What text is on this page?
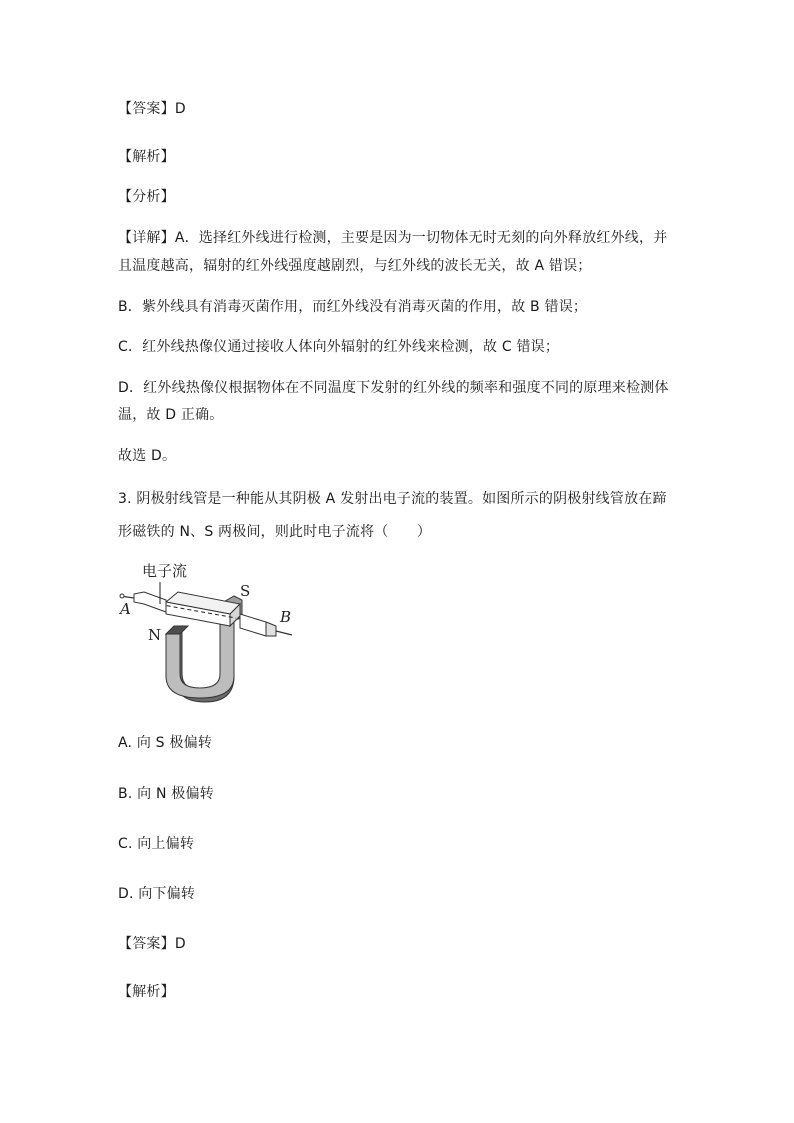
【答案】D
【解析】
【分析】
【详解】A．选择红外线进行检测，主要是因为一切物体无时无刻的向外释放红外线，并
且温度越高，辐射的红外线强度越剧烈，与红外线的波长无关，故 A 错误；
B．紫外线具有消毒灭菌作用，而红外线没有消毒灭菌的作用，故 B 错误；
C．红外线热像仪通过接收人体向外辐射的红外线来检测，故 C 错误；
D．红外线热像仪根据物体在不同温度下发射的红外线的频率和强度不同的原理来检测体
温，故 D 正确。
故选 D。
3. 阴极射线管是一种能从其阴极 A 发射出电子流的装置。如图所示的阴极射线管放在蹄
形磁铁的 N、S 两极间，则此时电子流将（　　）
电子流
A	B
S
N
A. 向 S 极偏转
B. 向 N 极偏转
C. 向上偏转
D. 向下偏转
【答案】D
【解析】
